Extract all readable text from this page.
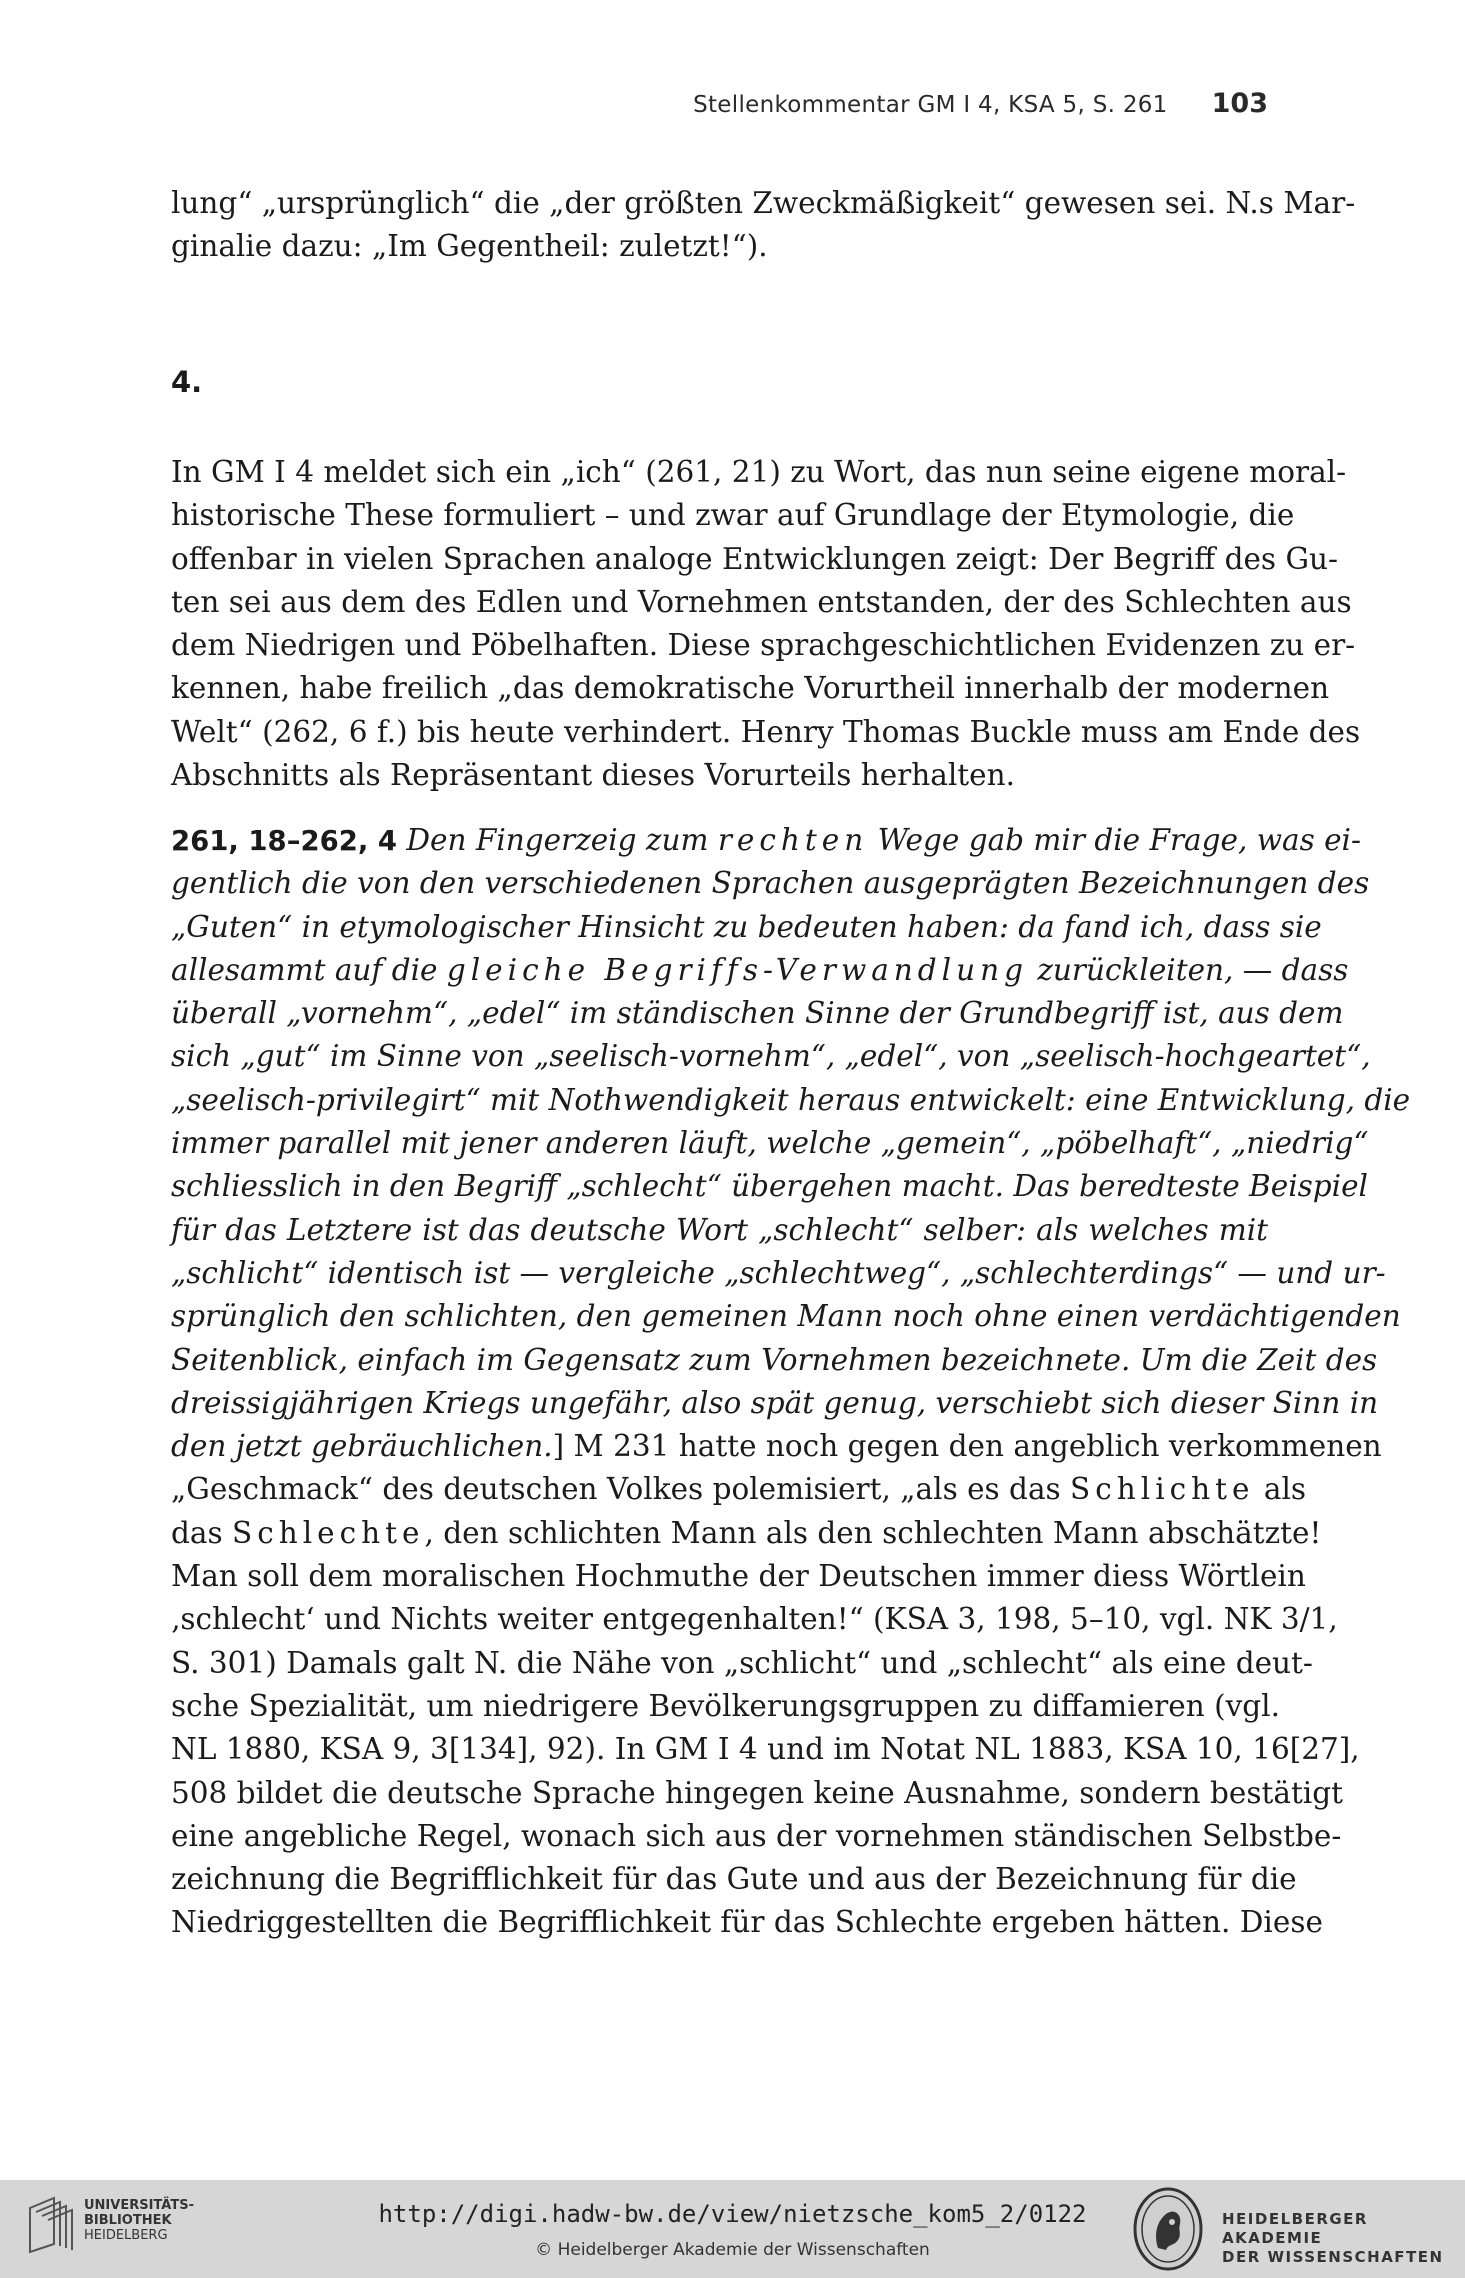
Stellenkommentar GM I 4, KSA 5, S. 261 103
lung“ „ursprünglich“ die „der größten Zweckmäßigkeit“ gewesen sei. N.s Mar-
ginalie dazu: „Im Gegentheil: zuletzt!“).
4.
In GM I 4 meldet sich ein „ich“ (261, 21) zu Wort, das nun seine eigene moral-
historische These formuliert – und zwar auf Grundlage der Etymologie, die
offenbar in vielen Sprachen analoge Entwicklungen zeigt: Der Begriff des Gu-
ten sei aus dem des Edlen und Vornehmen entstanden, der des Schlechten aus
dem Niedrigen und Pöbelhaften. Diese sprachgeschichtlichen Evidenzen zu er-
kennen, habe freilich „das demokratische Vorurtheil innerhalb der modernen
Welt“ (262, 6 f.) bis heute verhindert. Henry Thomas Buckle muss am Ende des
Abschnitts als Repräsentant dieses Vorurteils herhalten.
261, 18–262, 4 Den Fingerzeig zum rechten Wege gab mir die Frage, was ei-
gentlich die von den verschiedenen Sprachen ausgeprägten Bezeichnungen des
„Guten“ in etymologischer Hinsicht zu bedeuten haben: da fand ich, dass sie
allesammt auf die gleiche Begriffs-Verwandlung zurückleiten, — dass
überall „vornehm“, „edel“ im ständischen Sinne der Grundbegriff ist, aus dem
sich „gut“ im Sinne von „seelisch-vornehm“, „edel“, von „seelisch-hochgeartet“,
„seelisch-privilegirt“ mit Nothwendigkeit heraus entwickelt: eine Entwicklung, die
immer parallel mit jener anderen läuft, welche „gemein“, „pöbelhaft“, „niedrig“
schliesslich in den Begriff „schlecht“ übergehen macht. Das beredteste Beispiel
für das Letztere ist das deutsche Wort „schlecht“ selber: als welches mit
„schlicht“ identisch ist — vergleiche „schlechtweg“, „schlechterdings“ — und ur-
sprünglich den schlichten, den gemeinen Mann noch ohne einen verdächtigenden
Seitenblick, einfach im Gegensatz zum Vornehmen bezeichnete. Um die Zeit des
dreissigjährigen Kriegs ungefähr, also spät genug, verschiebt sich dieser Sinn in
den jetzt gebräuchlichen.] M 231 hatte noch gegen den angeblich verkommenen
„Geschmack“ des deutschen Volkes polemisiert, „als es das Schlichte als
das Schlechte, den schlichten Mann als den schlechten Mann abschätzte!
Man soll dem moralischen Hochmuthe der Deutschen immer diess Wörtlein
‚schlecht‘ und Nichts weiter entgegenhalten!“ (KSA 3, 198, 5–10, vgl. NK 3/1,
S. 301) Damals galt N. die Nähe von „schlicht“ und „schlecht“ als eine deut-
sche Spezialität, um niedrigere Bevölkerungsgruppen zu diffamieren (vgl.
NL 1880, KSA 9, 3[134], 92). In GM I 4 und im Notat NL 1883, KSA 10, 16[27],
508 bildet die deutsche Sprache hingegen keine Ausnahme, sondern bestätigt
eine angebliche Regel, wonach sich aus der vornehmen ständischen Selbstbe-
zeichnung die Begrifflichkeit für das Gute und aus der Bezeichnung für die
Niedriggestellten die Begrifflichkeit für das Schlechte ergeben hätten. Diese
UNIVERSITÄTS-
BIBLIOTHEK
HEIDELBERG
http://digi.hadw-bw.de/view/nietzsche_kom5_2/0122
© Heidelberger Akademie der Wissenschaften
HEIDELBERGER AKADEMIE
DER WISSENSCHAFTEN
